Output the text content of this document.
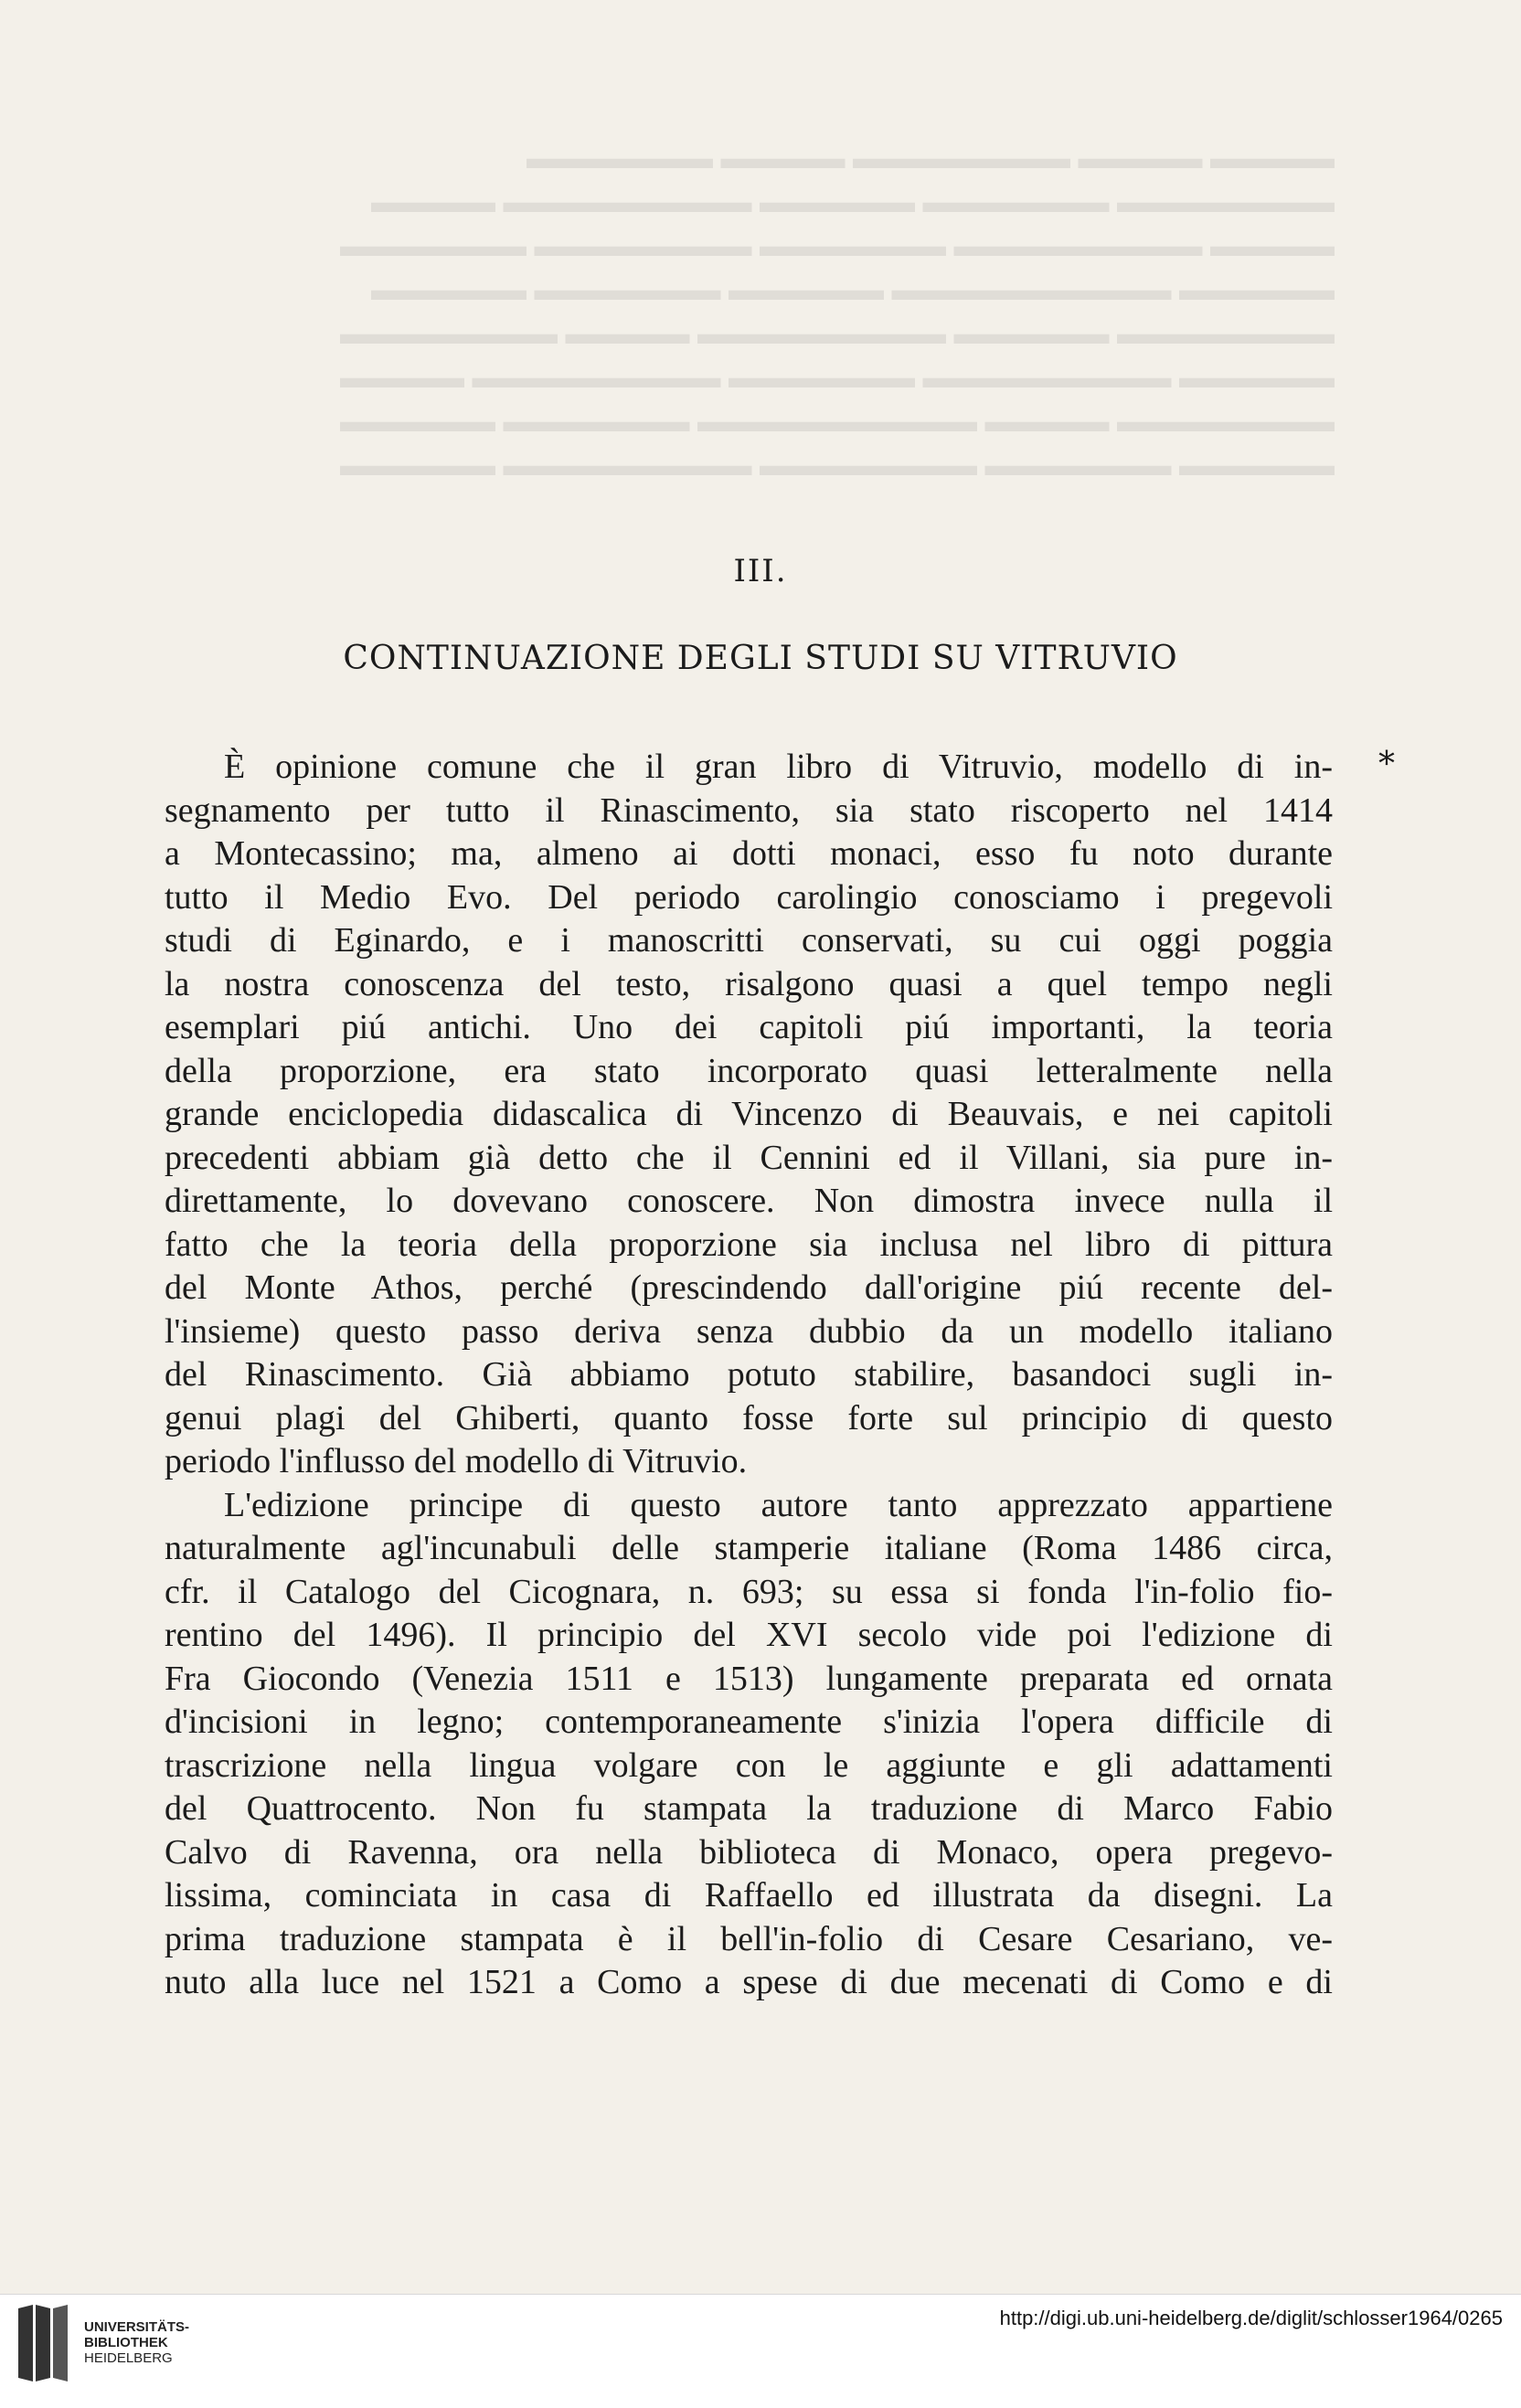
▬▬▬▬ ▬▬▬▬ ▬▬▬▬▬▬▬ ▬▬▬▬ ▬▬▬▬▬▬
▬▬▬▬▬▬▬ ▬▬▬▬▬▬ ▬▬▬▬▬ ▬▬▬▬▬▬▬▬ ▬▬▬▬
▬▬▬▬ ▬▬▬▬▬▬▬▬ ▬▬▬▬▬▬ ▬▬▬▬▬▬▬ ▬▬▬▬▬▬
▬▬▬▬▬ ▬▬▬▬▬▬▬▬▬ ▬▬▬▬▬ ▬▬▬▬▬▬ ▬▬▬▬▬
▬▬▬▬▬▬▬ ▬▬▬▬▬ ▬▬▬▬▬▬▬▬ ▬▬▬▬ ▬▬▬▬▬▬▬
▬▬▬▬▬ ▬▬▬▬▬▬▬▬ ▬▬▬▬▬▬ ▬▬▬▬▬▬▬▬ ▬▬▬▬
▬▬▬▬▬▬▬ ▬▬▬▬ ▬▬▬▬▬▬▬▬▬ ▬▬▬▬▬▬ ▬▬▬▬▬
▬▬▬▬▬ ▬▬▬▬▬▬ ▬▬▬▬▬▬▬ ▬▬▬▬▬▬▬▬ ▬▬▬▬▬
III.
CONTINUAZIONE DEGLI STUDI SU VITRUVIO
*
È opinione comune che il gran libro di Vitruvio, modello di in-
segnamento per tutto il Rinascimento, sia stato riscoperto nel 1414
a Montecassino; ma, almeno ai dotti monaci, esso fu noto durante
tutto il Medio Evo. Del periodo carolingio conosciamo i pregevoli
studi di Eginardo, e i manoscritti conservati, su cui oggi poggia
la nostra conoscenza del testo, risalgono quasi a quel tempo negli
esemplari piú antichi. Uno dei capitoli piú importanti, la teoria
della proporzione, era stato incorporato quasi letteralmente nella
grande enciclopedia didascalica di Vincenzo di Beauvais, e nei capitoli
precedenti abbiam già detto che il Cennini ed il Villani, sia pure in-
direttamente, lo dovevano conoscere. Non dimostra invece nulla il
fatto che la teoria della proporzione sia inclusa nel libro di pittura
del Monte Athos, perché (prescindendo dall'origine piú recente del-
l'insieme) questo passo deriva senza dubbio da un modello italiano
del Rinascimento. Già abbiamo potuto stabilire, basandoci sugli in-
genui plagi del Ghiberti, quanto fosse forte sul principio di questo
periodo l'influsso del modello di Vitruvio.
L'edizione principe di questo autore tanto apprezzato appartiene
naturalmente agl'incunabuli delle stamperie italiane (Roma 1486 circa,
cfr. il Catalogo del Cicognara, n. 693; su essa si fonda l'in-folio fio-
rentino del 1496). Il principio del XVI secolo vide poi l'edizione di
Fra Giocondo (Venezia 1511 e 1513) lungamente preparata ed ornata
d'incisioni in legno; contemporaneamente s'inizia l'opera difficile di
trascrizione nella lingua volgare con le aggiunte e gli adattamenti
del Quattrocento. Non fu stampata la traduzione di Marco Fabio
Calvo di Ravenna, ora nella biblioteca di Monaco, opera pregevo-
lissima, cominciata in casa di Raffaello ed illustrata da disegni. La
prima traduzione stampata è il bell'in-folio di Cesare Cesariano, ve-
nuto alla luce nel 1521 a Como a spese di due mecenati di Como e di
UNIVERSITÄTS-
BIBLIOTHEK
HEIDELBERG
http://digi.ub.uni-heidelberg.de/diglit/schlosser1964/0265
